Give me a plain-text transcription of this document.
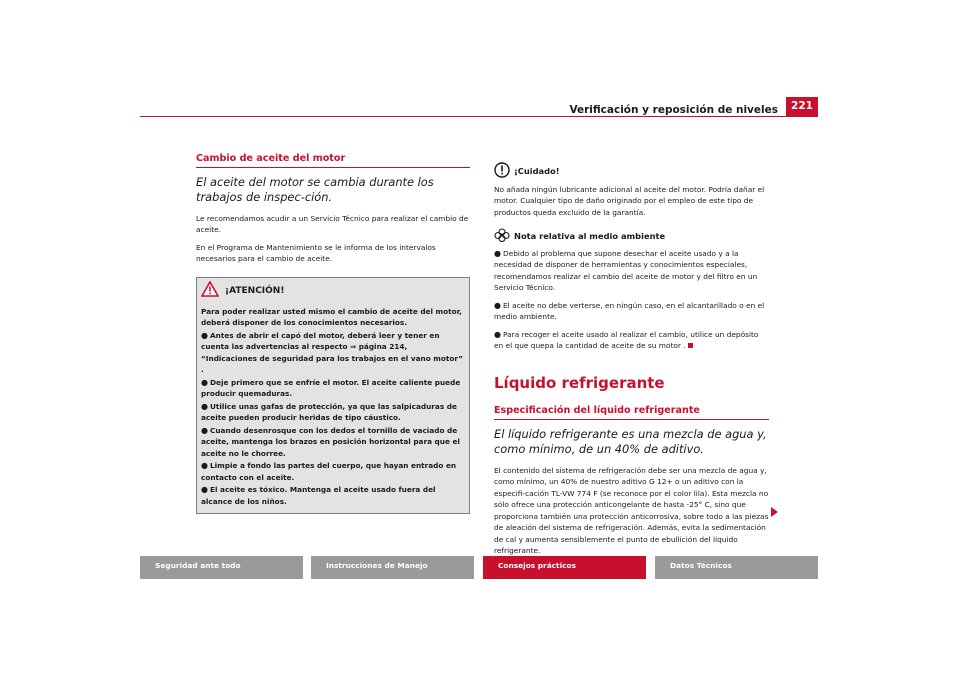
Verificación y reposición de niveles	221
Cambio de aceite del motor
El aceite del motor se cambia durante los trabajos de inspec-ción.

Le recomendamos acudir a un Servicio Técnico para realizar el cambio de aceite.

En el Programa de Mantenimiento se le informa de los intervalos necesarios para el cambio de aceite.

¡ATENCIÓN!

Para poder realizar usted mismo el cambio de aceite del motor, deberá disponer de los conocimientos necesarios.

● Antes de abrir el capó del motor, deberá leer y tener en cuenta las advertencias al respecto ⇒ página 214, “Indicaciones de seguridad para los trabajos en el vano motor” .

● Deje primero que se enfríe el motor. El aceite caliente puede producir quemaduras.

● Utilice unas gafas de protección, ya que las salpicaduras de aceite pueden producir heridas de tipo cáustico.

● Cuando desenrosque con los dedos el tornillo de vaciado de aceite, mantenga los brazos en posición horizontal para que el aceite no le chorree.

● Limpie a fondo las partes del cuerpo, que hayan entrado en contacto con el aceite.

● El aceite es tóxico. Mantenga el aceite usado fuera del alcance de los niños.

¡Cuidado!

No añada ningún lubricante adicional al aceite del motor. Podría dañar el motor. Cualquier tipo de daño originado por el empleo de este tipo de productos queda excluido de la garantía.

Nota relativa al medio ambiente

● Debido al problema que supone desechar el aceite usado y a la necesidad de disponer de herramientas y conocimientos especiales, recomendamos realizar el cambio del aceite de motor y del filtro en un Servicio Técnico.

● El aceite no debe verterse, en ningún caso, en el alcantarillado o en el medio ambiente.

● Para recoger el aceite usado al realizar el cambio, utilice un depósito en el que quepa la cantidad de aceite de su motor .

Líquido refrigerante
Especificación del líquido refrigerante
El líquido refrigerante es una mezcla de agua y, como mínimo, de un 40% de aditivo.

El contenido del sistema de refrigeración debe ser una mezcla de agua y, como mínimo, un 40% de nuestro aditivo G 12+ o un aditivo con la especifi-cación TL-VW 774 F (se reconoce por el color lila). Esta mezcla no sólo ofrece una protección anticongelante de hasta -25° C, sino que proporciona también una protección anticorrosiva, sobre todo a las piezas de aleación del sistema de refrigeración. Además, evita la sedimentación de cal y aumenta sensiblemente el punto de ebullición del líquido refrigerante.

Seguridad ante todo	Instrucciones de Manejo	Consejos prácticos	Datos Técnicos
